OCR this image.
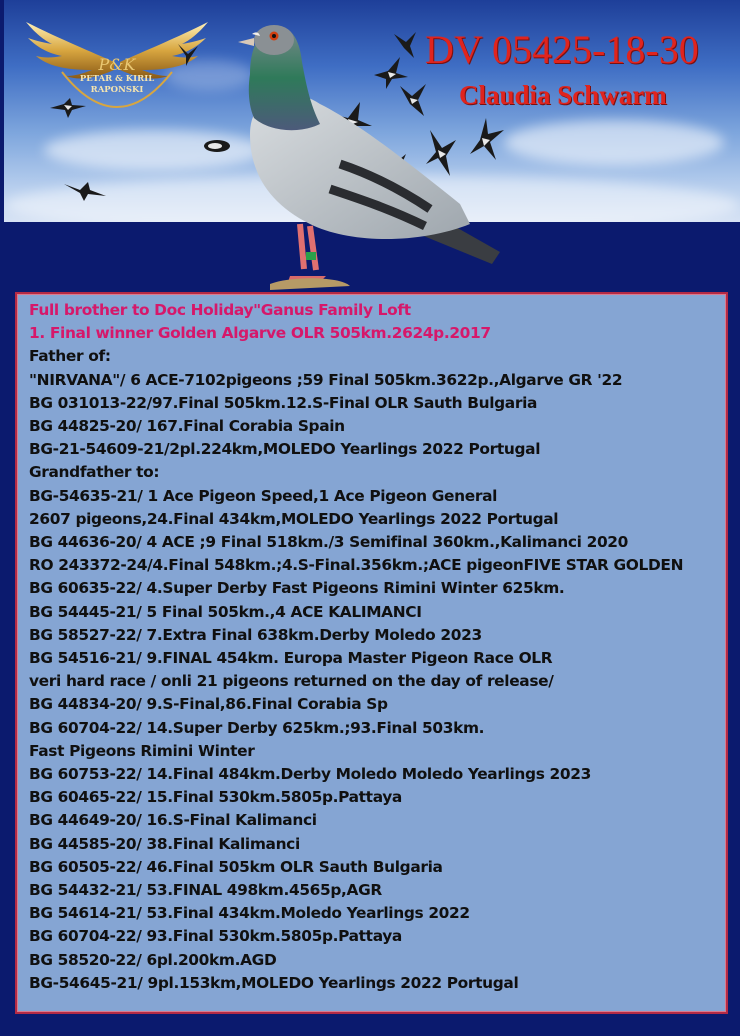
P&K
PETAR & KIRIL
RAPONSKI
DV 05425-18-30
Claudia Schwarm
Full brother to Doc Holiday"Ganus Family Loft
1. Final winner Golden Algarve OLR 505km.2624p.2017
Father of:
"NIRVANA"/ 6 ACE-7102pigeons ;59 Final 505km.3622p.,Algarve GR '22
BG 031013-22/97.Final 505km.12.S-Final OLR Sauth Bulgaria
BG 44825-20/ 167.Final Corabia Spain
BG-21-54609-21/2pl.224km,MOLEDO Yearlings 2022 Portugal
Grandfather to:
BG-54635-21/ 1 Ace Pigeon Speed,1 Ace Pigeon General
2607 pigeons,24.Final 434km,MOLEDO Yearlings 2022 Portugal
BG 44636-20/ 4 ACE ;9 Final 518km./3 Semifinal 360km.,Kalimanci 2020
RO 243372-24/4.Final 548km.;4.S-Final.356km.;ACE pigeonFIVE STAR GOLDEN
BG 60635-22/ 4.Super Derby Fast Pigeons Rimini Winter 625km.
BG 54445-21/ 5 Final 505km.,4 ACE KALIMANCI
BG 58527-22/ 7.Extra Final 638km.Derby Moledo 2023
BG 54516-21/ 9.FINAL 454km. Europa Master Pigeon Race OLR
veri hard race / onli 21 pigeons returned on the day of release/
BG 44834-20/ 9.S-Final,86.Final Corabia Sp
BG 60704-22/ 14.Super Derby 625km.;93.Final 503km.
Fast Pigeons Rimini Winter
BG 60753-22/ 14.Final 484km.Derby Moledo Moledo Yearlings 2023
BG 60465-22/ 15.Final 530km.5805p.Pattaya
BG 44649-20/ 16.S-Final Kalimanci
BG 44585-20/ 38.Final Kalimanci
BG 60505-22/ 46.Final 505km OLR Sauth Bulgaria
BG 54432-21/ 53.FINAL 498km.4565p,AGR
BG 54614-21/ 53.Final 434km.Moledo Yearlings 2022
BG 60704-22/ 93.Final 530km.5805p.Pattaya
BG 58520-22/ 6pl.200km.AGD
BG-54645-21/ 9pl.153km,MOLEDO Yearlings 2022 Portugal
